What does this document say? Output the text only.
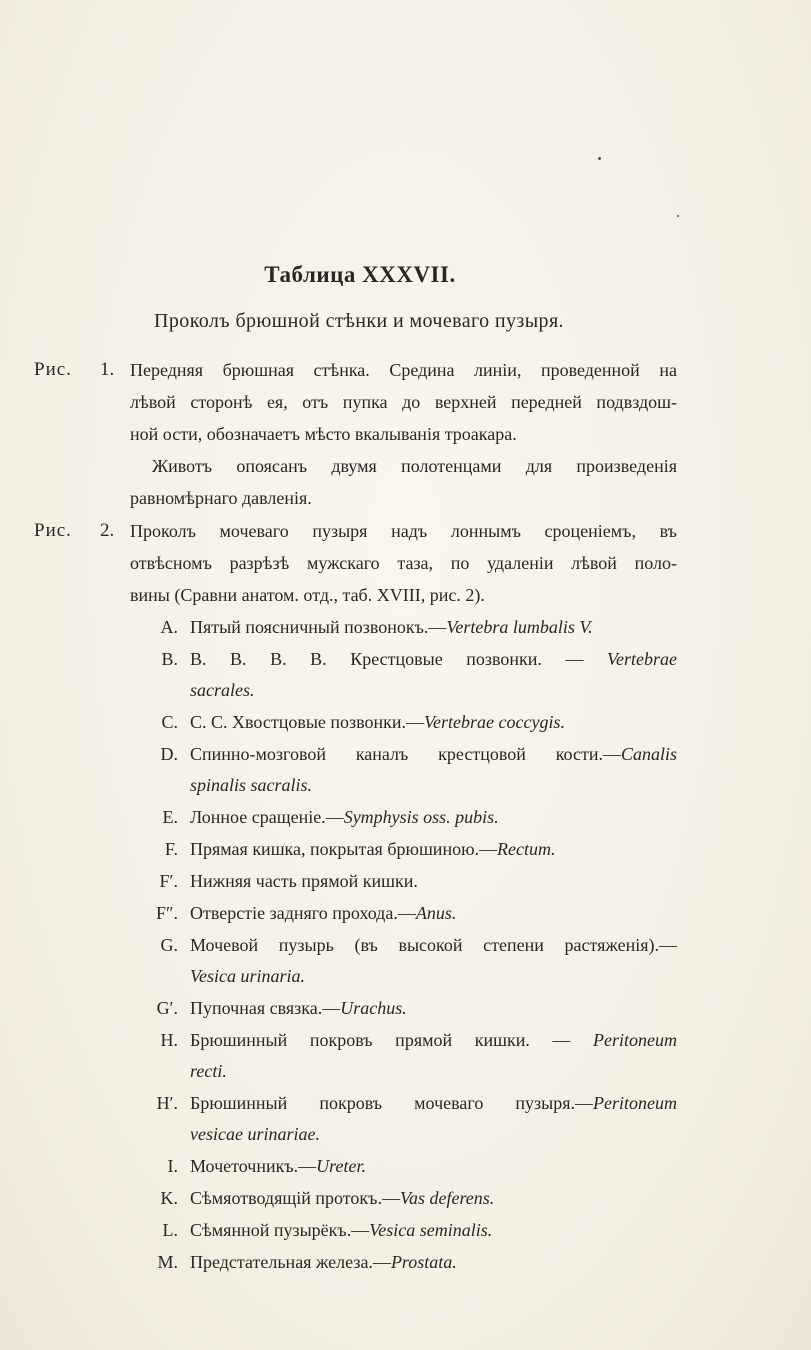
Таблица XXXVII.
Проколъ брюшной стѣнки и мочеваго пузыря.
Рис. 1. Передняя брюшная стѣнка. Средина линіи, проведенной на
лѣвой сторонѣ ея, отъ пупка до верхней передней подвздош-
ной ости, обозначаетъ мѣсто вкалыванія троакара.
Животъ опоясанъ двумя полотенцами для произведенія
равномѣрнаго давленія.
Рис. 2. Проколъ мочеваго пузыря надъ лоннымъ сроценіемъ, въ
отвѣсномъ разрѣзѣ мужскаго таза, по удаленіи лѣвой поло-
вины (Сравни анатом. отд., таб. XVIII, рис. 2).
A. Пятый поясничный позвонокъ.—Vertebra lumbalis V.
B. B. B. B. B. Крестцовые позвонки. — Vertebrae
sacrales.
C. C. C. Хвостцовые позвонки.—Vertebrae coccygis.
D. Спинно-мозговой каналъ крестцовой кости.—Canalis
spinalis sacralis.
E. Лонное сращеніе.—Symphysis oss. pubis.
F. Прямая кишка, покрытая брюшиною.—Rectum.
F′. Нижняя часть прямой кишки.
F″. Отверстіе задняго прохода.—Anus.
G. Мочевой пузырь (въ высокой степени растяженія).—
Vesica urinaria.
G′. Пупочная связка.—Urachus.
H. Брюшинный покровъ прямой кишки. — Peritoneum
recti.
H′. Брюшинный покровъ мочеваго пузыря.—Peritoneum
vesicae urinariae.
I. Мочеточникъ.—Ureter.
K. Сѣмяотводящій протокъ.—Vas deferens.
L. Сѣмянной пузырёкъ.—Vesica seminalis.
M. Предстательная железа.—Prostata.
